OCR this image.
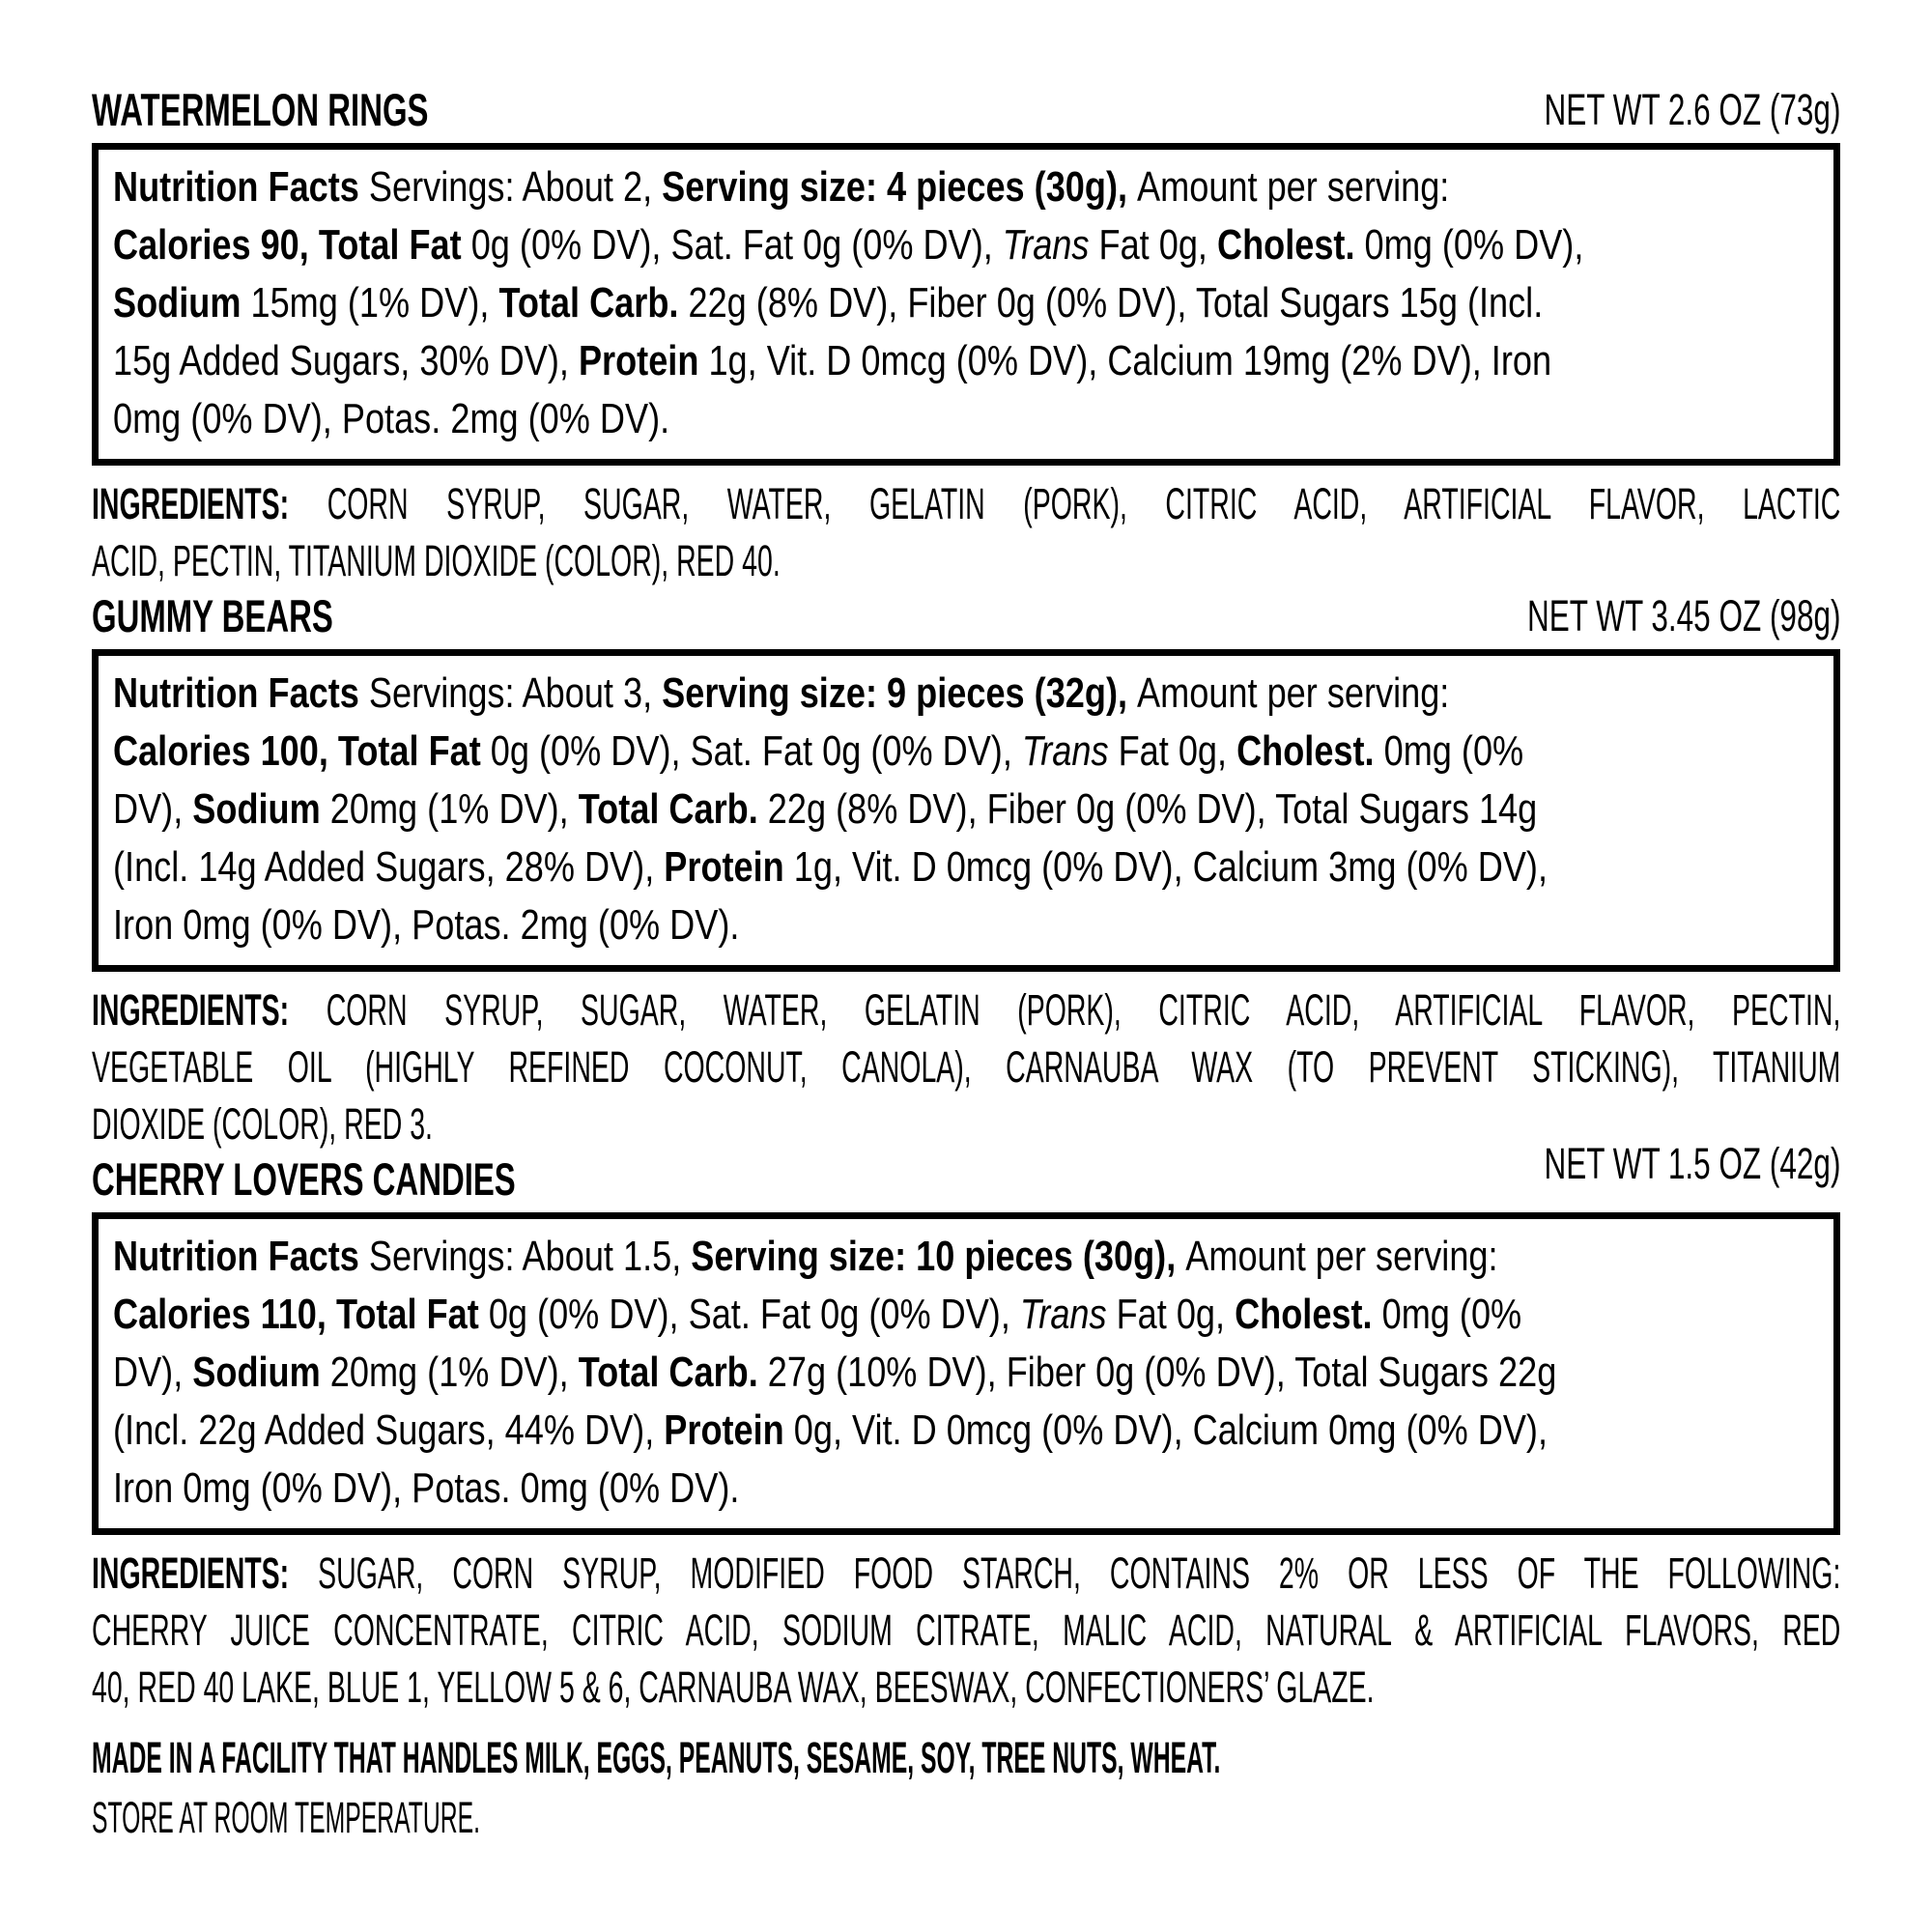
WATERMELON RINGS	NET WT 2.6 OZ (73g)
Nutrition Facts Servings: About 2, Serving size: 4 pieces (30g), Amount per serving:
Calories 90, Total Fat 0g (0% DV), Sat. Fat 0g (0% DV), Trans Fat 0g, Cholest. 0mg (0% DV),
Sodium 15mg (1% DV), Total Carb. 22g (8% DV), Fiber 0g (0% DV), Total Sugars 15g (Incl.
15g Added Sugars, 30% DV), Protein 1g, Vit. D 0mcg (0% DV), Calcium 19mg (2% DV), Iron
0mg (0% DV), Potas. 2mg (0% DV).
INGREDIENTS: CORN SYRUP, SUGAR, WATER, GELATIN (PORK), CITRIC ACID, ARTIFICIAL FLAVOR, LACTIC
ACID, PECTIN, TITANIUM DIOXIDE (COLOR), RED 40.
GUMMY BEARS	NET WT 3.45 OZ (98g)
Nutrition Facts Servings: About 3, Serving size: 9 pieces (32g), Amount per serving:
Calories 100, Total Fat 0g (0% DV), Sat. Fat 0g (0% DV), Trans Fat 0g, Cholest. 0mg (0%
DV), Sodium 20mg (1% DV), Total Carb. 22g (8% DV), Fiber 0g (0% DV), Total Sugars 14g
(Incl. 14g Added Sugars, 28% DV), Protein 1g, Vit. D 0mcg (0% DV), Calcium 3mg (0% DV),
Iron 0mg (0% DV), Potas. 2mg (0% DV).
INGREDIENTS: CORN SYRUP, SUGAR, WATER, GELATIN (PORK), CITRIC ACID, ARTIFICIAL FLAVOR, PECTIN,
VEGETABLE OIL (HIGHLY REFINED COCONUT, CANOLA), CARNAUBA WAX (TO PREVENT STICKING), TITANIUM
DIOXIDE (COLOR), RED 3.
CHERRY LOVERS CANDIES	NET WT 1.5 OZ (42g)
Nutrition Facts Servings: About 1.5, Serving size: 10 pieces (30g), Amount per serving:
Calories 110, Total Fat 0g (0% DV), Sat. Fat 0g (0% DV), Trans Fat 0g, Cholest. 0mg (0%
DV), Sodium 20mg (1% DV), Total Carb. 27g (10% DV), Fiber 0g (0% DV), Total Sugars 22g
(Incl. 22g Added Sugars, 44% DV), Protein 0g, Vit. D 0mcg (0% DV), Calcium 0mg (0% DV),
Iron 0mg (0% DV), Potas. 0mg (0% DV).
INGREDIENTS: SUGAR, CORN SYRUP, MODIFIED FOOD STARCH, CONTAINS 2% OR LESS OF THE FOLLOWING:
CHERRY JUICE CONCENTRATE, CITRIC ACID, SODIUM CITRATE, MALIC ACID, NATURAL & ARTIFICIAL FLAVORS, RED
40, RED 40 LAKE, BLUE 1, YELLOW 5 & 6, CARNAUBA WAX, BEESWAX, CONFECTIONERS’ GLAZE.
MADE IN A FACILITY THAT HANDLES MILK, EGGS, PEANUTS, SESAME, SOY, TREE NUTS, WHEAT.
STORE AT ROOM TEMPERATURE.
